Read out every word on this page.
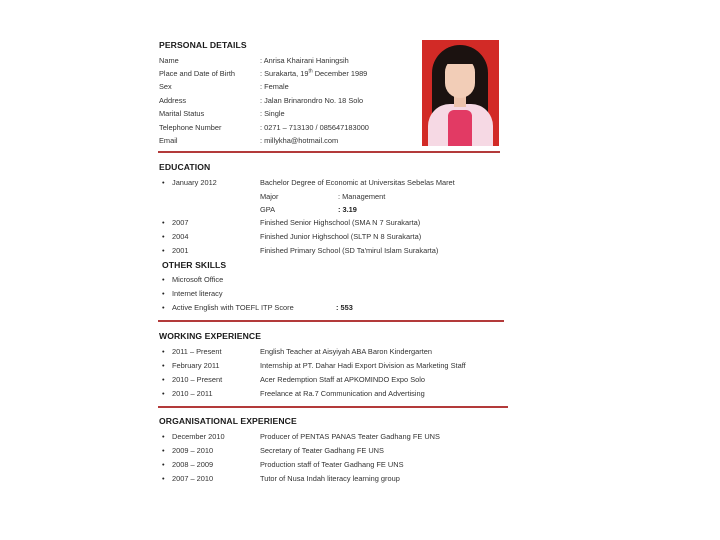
PERSONAL DETAILS
Name	: Anrisa Khairani Haningsih
Place and Date of Birth	: Surakarta, 19th December 1989
Sex	: Female
Address	: Jalan Brinarondro No. 18 Solo
Marital Status	: Single
Telephone Number	: 0271 – 713130 / 085647183000
Email	: millykha@hotmail.com
EDUCATION
• January 2012	Bachelor Degree of Economic at Universitas Sebelas Maret
Major	: Management
GPA	: 3.19
• 2007	Finished Senior Highschool (SMA N 7 Surakarta)
• 2004	Finished Junior Highschool (SLTP N 8 Surakarta)
• 2001	Finished Primary School (SD Ta'mirul Islam Surakarta)
OTHER SKILLS
• Microsoft Office
• Internet literacy
• Active English with TOEFL ITP Score	: 553
WORKING EXPERIENCE
• 2011 – Present	English Teacher at Aisyiyah ABA Baron Kindergarten
• February 2011	Internship at PT. Dahar Hadi Export Division as Marketing Staff
• 2010 – Present	Acer Redemption Staff at APKOMINDO Expo Solo
• 2010 – 2011	Freelance at Ra.7 Communication and Advertising
ORGANISATIONAL EXPERIENCE
• December 2010	Producer of PENTAS PANAS Teater Gadhang FE UNS
• 2009 – 2010	Secretary of Teater Gadhang FE UNS
• 2008 – 2009	Production staff of Teater Gadhang FE UNS
• 2007 – 2010	Tutor of Nusa Indah literacy learning group
